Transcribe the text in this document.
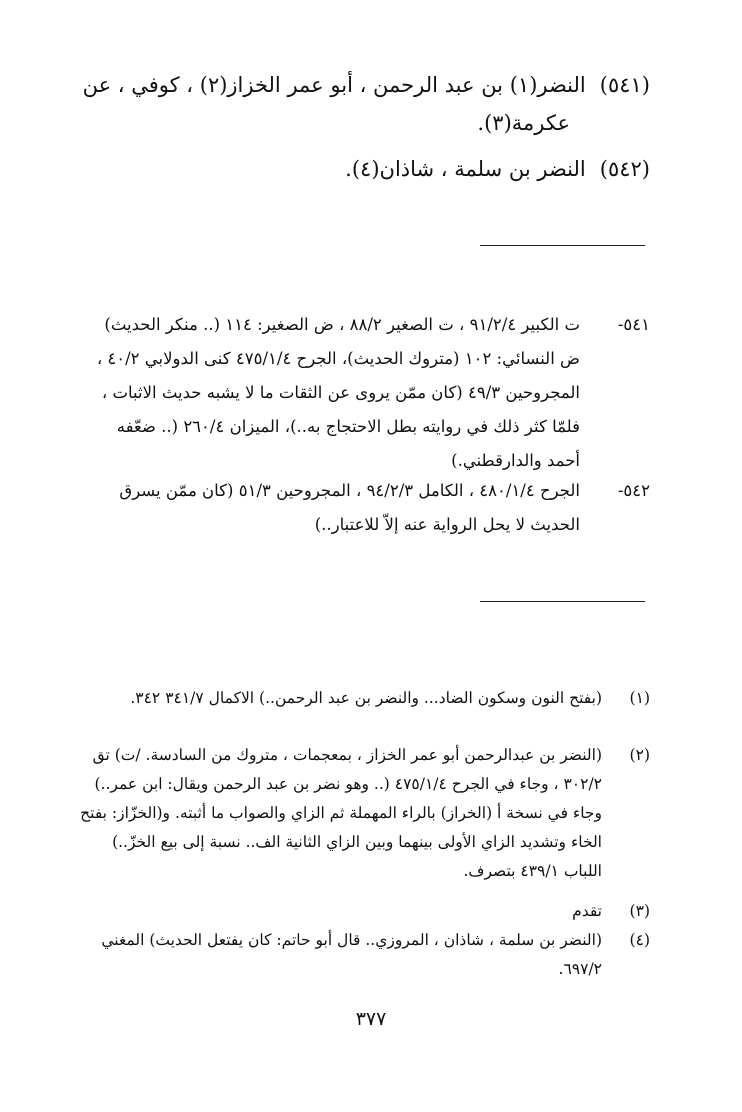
(٥٤١)النضر(١) بن عبد الرحمن ، أبو عمر الخزاز(٢) ، كوفي ، عن
عكرمة(٣).
(٥٤٢)النضر بن سلمة ، شاذان(٤).
٥٤١-
ت الكبير ٩١/٢/٤ ، ت الصغير ٨٨/٢ ، ض الصغير: ١١٤ (.. منكر الحديث) ض النسائي: ١٠٢ (متروك الحديث)، الجرح ٤٧٥/١/٤ كنى الدولابي ٤٠/٢ ، المجروحين ٤٩/٣ (كان ممّن يروى عن الثقات ما لا يشبه حديث الاثبات ، فلمّا كثر ذلك في روايته بطل الاحتجاج به..)، الميزان ٢٦٠/٤ (.. ضعّفه أحمد والدارقطني.)
٥٤٢-
الجرح ٤٨٠/١/٤ ، الكامل ٩٤/٢/٣ ، المجروحين ٥١/٣ (كان ممّن يسرق الحديث لا يحل الرواية عنه إلاّ للاعتبار..)
(١)
(بفتح النون وسكون الضاد... والنضر بن عبد الرحمن..) الاكمال ٣٤١/٧ ٣٤٢.
(٢)
(النضر بن عبدالرحمن أبو عمر الخزاز ، بمعجمات ، متروك من السادسة. /ت) تق ٣٠٢/٢ ، وجاء في الجرح ٤٧٥/١/٤ (.. وهو نضر بن عبد الرحمن ويقال: ابن عمر..) وجاء في نسخة أ (الخراز) بالراء المهملة ثم الزاي والصواب ما أثبته. و(الخزّاز: بفتح الخاء وتشديد الزاي الأولى بينهما وبين الزاي الثانية الف.. نسبة إلى بيع الخزّ..) اللباب ٤٣٩/١ بتصرف.
(٣)
تقدم
(٤)
(النضر بن سلمة ، شاذان ، المروزي.. قال أبو حاتم: كان يفتعل الحديث) المغني ٦٩٧/٢.
٣٧٧
